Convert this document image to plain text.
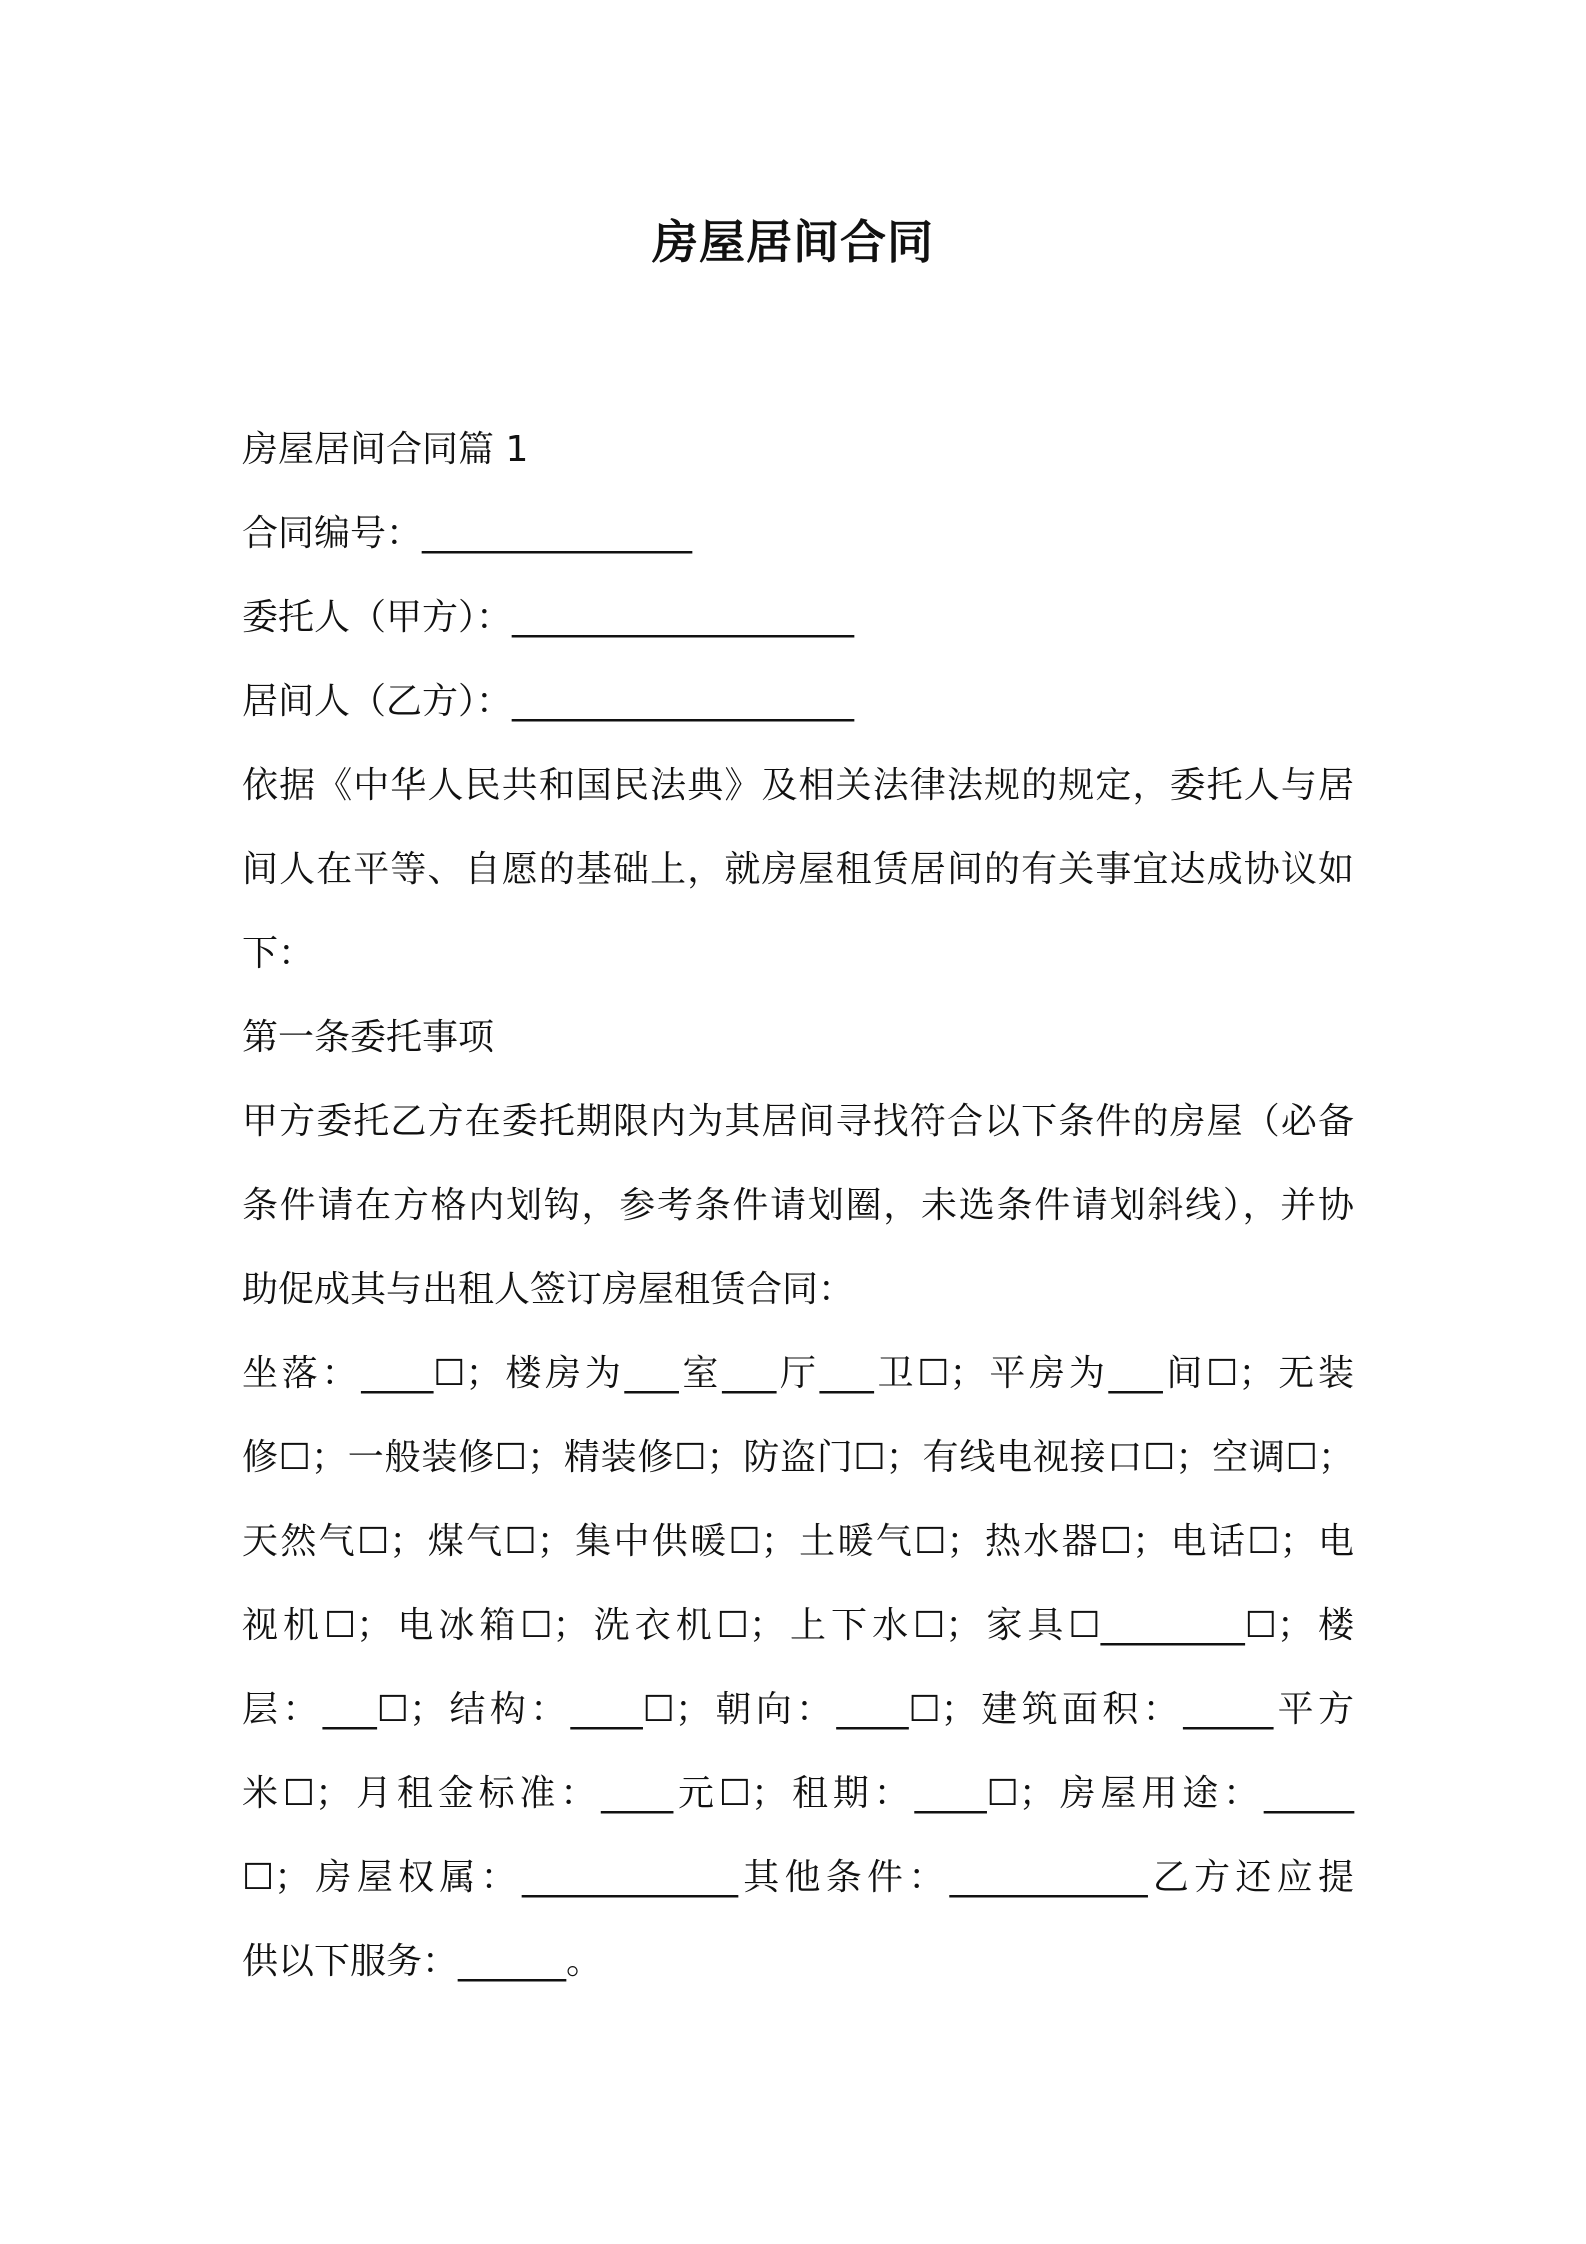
房屋居间合同
房屋居间合同篇 1
合同编号：_______________
委托人（甲方）：___________________
居间人（乙方）：___________________
依据《中华人民共和国民法典》及相关法律法规的规定，委托人与居
间人在平等、自愿的基础上，就房屋租赁居间的有关事宜达成协议如
下：
第一条委托事项
甲方委托乙方在委托期限内为其居间寻找符合以下条件的房屋（必备
条件请在方格内划钩，参考条件请划圈，未选条件请划斜线），并协
助促成其与出租人签订房屋租赁合同：
坐落：____☐；楼房为___室___厅___卫☐；平房为___间☐；无装
修☐；一般装修☐；精装修☐；防盗门☐；有线电视接口☐；空调☐；
天然气☐；煤气☐；集中供暖☐；土暖气☐；热水器☐；电话☐；电
视机☐；电冰箱☐；洗衣机☐；上下水☐；家具☐________☐；楼
层：___☐；结构：____☐；朝向：____☐；建筑面积：_____平方
米☐；月租金标准：____元☐；租期：____☐；房屋用途：_____
☐；房屋权属：____________其他条件：___________乙方还应提
供以下服务：______。
